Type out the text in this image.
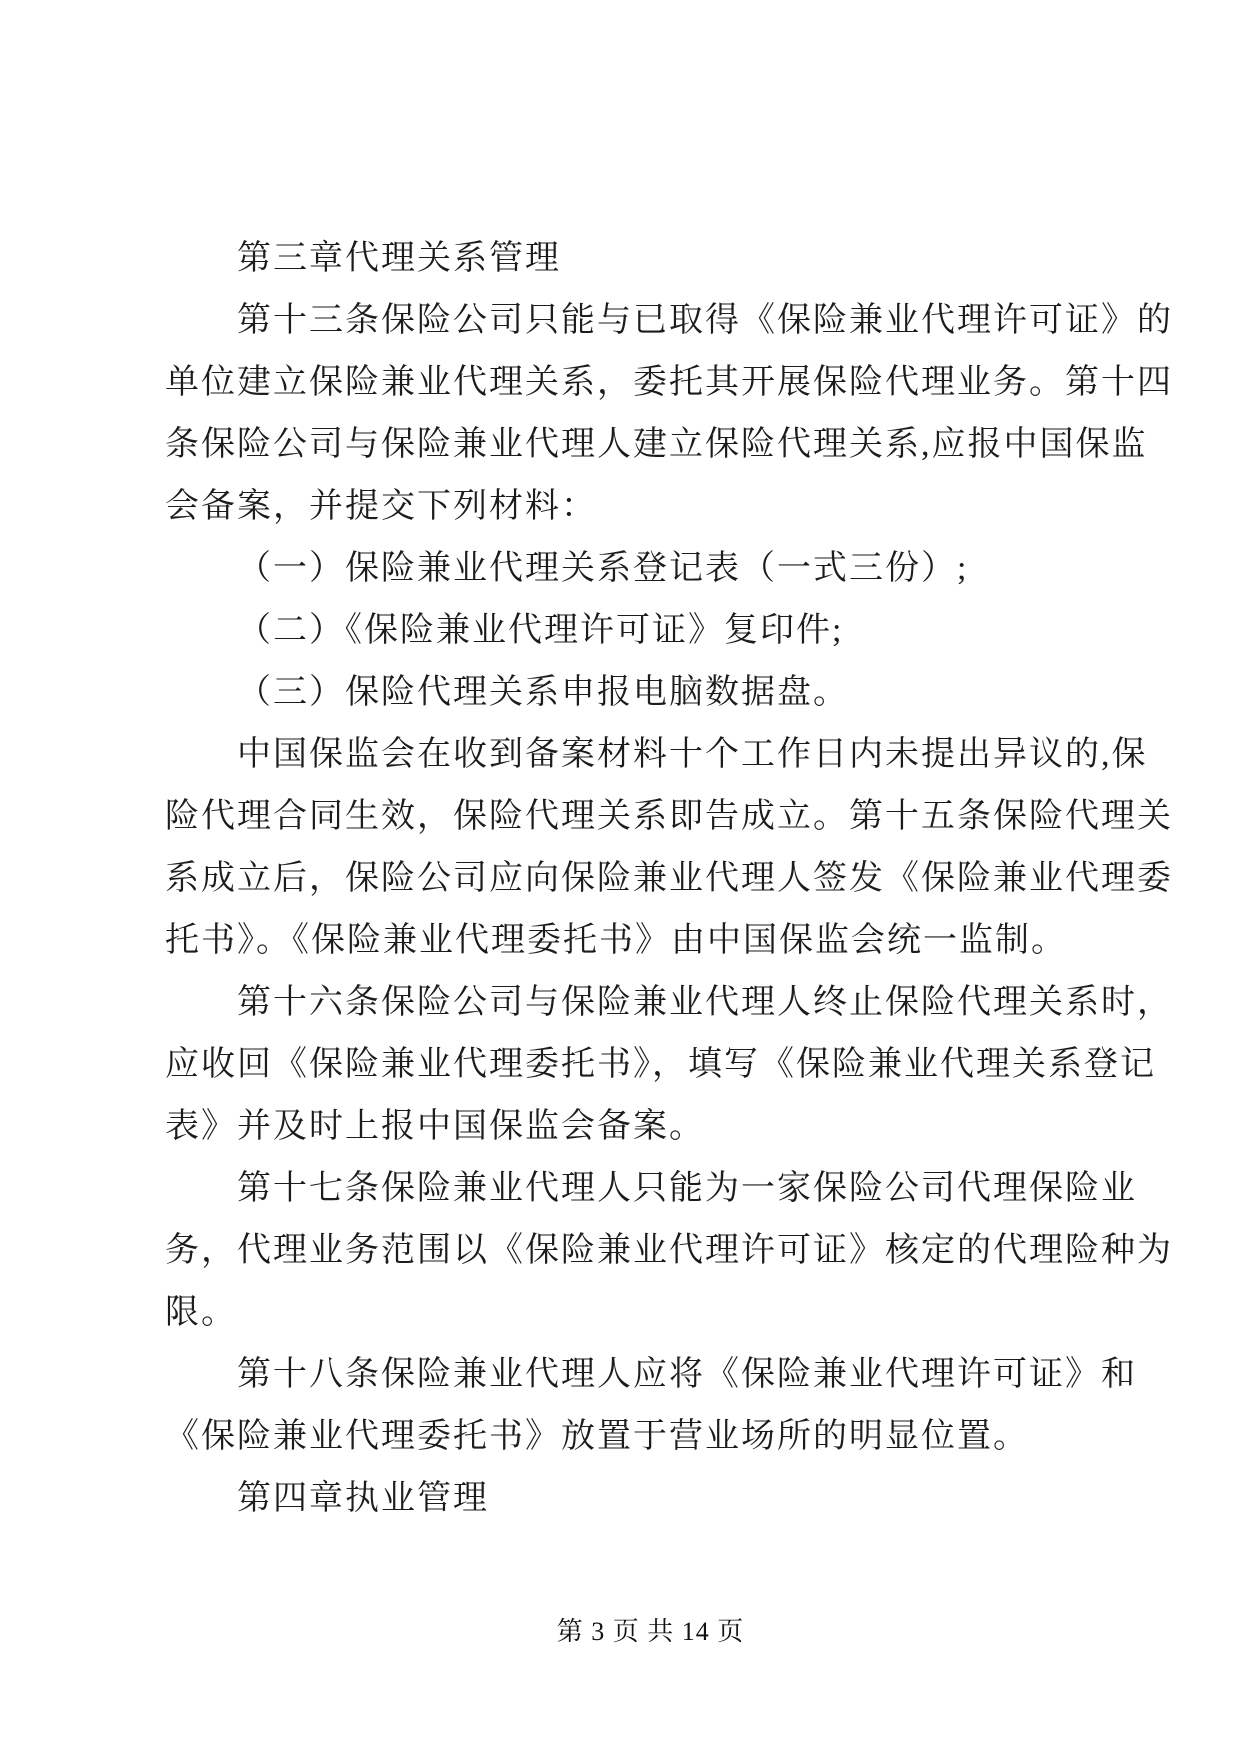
第三章代理关系管理
第十三条保险公司只能与已取得《保险兼业代理许可证》的
单位建立保险兼业代理关系，委托其开展保险代理业务。第十四
条保险公司与保险兼业代理人建立保险代理关系,应报中国保监
会备案，并提交下列材料：
（一）保险兼业代理关系登记表（一式三份）;
（二）《保险兼业代理许可证》复印件;
（三）保险代理关系申报电脑数据盘。
中国保监会在收到备案材料十个工作日内未提出异议的,保
险代理合同生效，保险代理关系即告成立。第十五条保险代理关
系成立后，保险公司应向保险兼业代理人签发《保险兼业代理委
托书》。《保险兼业代理委托书》由中国保监会统一监制。
第十六条保险公司与保险兼业代理人终止保险代理关系时，
应收回《保险兼业代理委托书》，填写《保险兼业代理关系登记
表》并及时上报中国保监会备案。
第十七条保险兼业代理人只能为一家保险公司代理保险业
务，代理业务范围以《保险兼业代理许可证》核定的代理险种为
限。
第十八条保险兼业代理人应将《保险兼业代理许可证》和
《保险兼业代理委托书》放置于营业场所的明显位置。
第四章执业管理
第 3 页 共 14 页
